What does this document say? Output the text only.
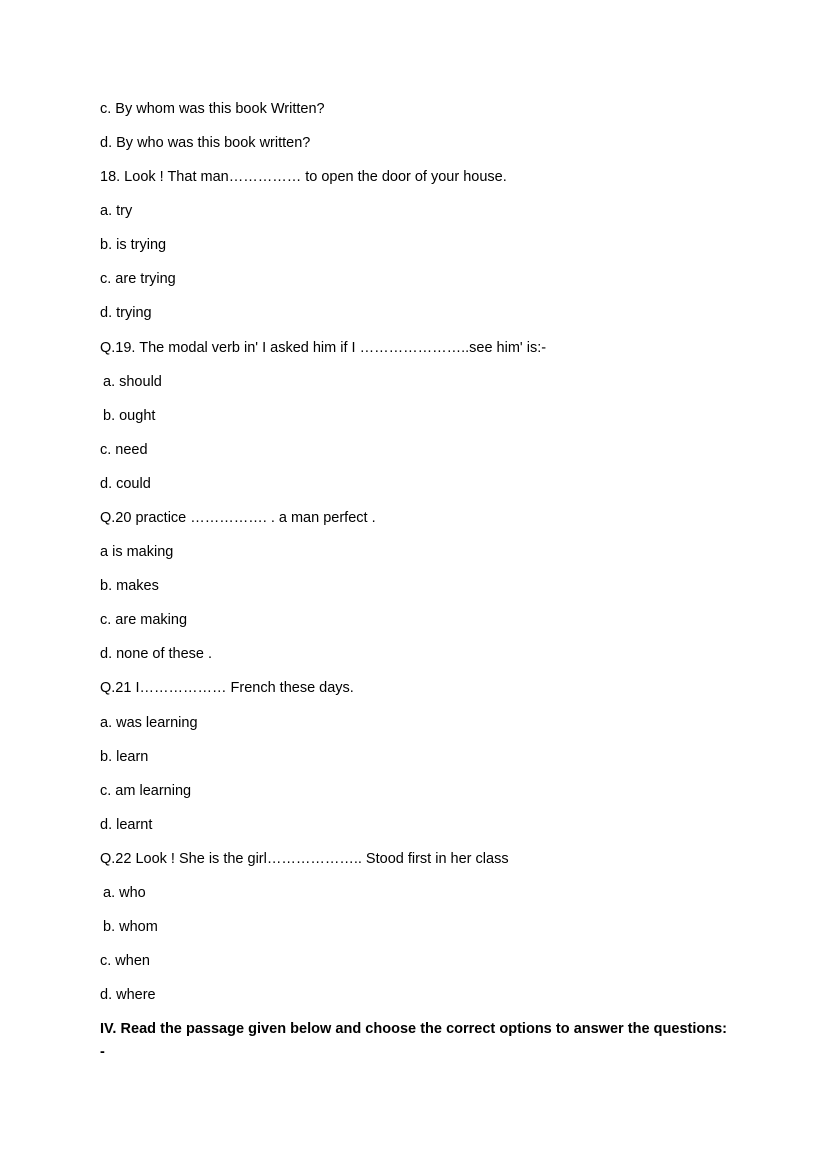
c. By whom was this book Written?
d. By who was this book written?
18. Look ! That man…………… to open the door of your house.
a. try
b. is trying
c. are trying
d. trying
Q.19. The modal verb in' I asked him if I …………………..see him' is:-
a. should
b. ought
c. need
d. could
Q.20 practice ……………. . a man perfect .
a is making
b. makes
c. are making
d. none of these .
Q.21 I……………… French these days.
a. was learning
b. learn
c. am learning
d. learnt
Q.22 Look ! She is the girl……………….. Stood first in her class
a. who
b. whom
c. when
d. where
IV. Read the passage given below and choose the correct options to answer the questions: -
